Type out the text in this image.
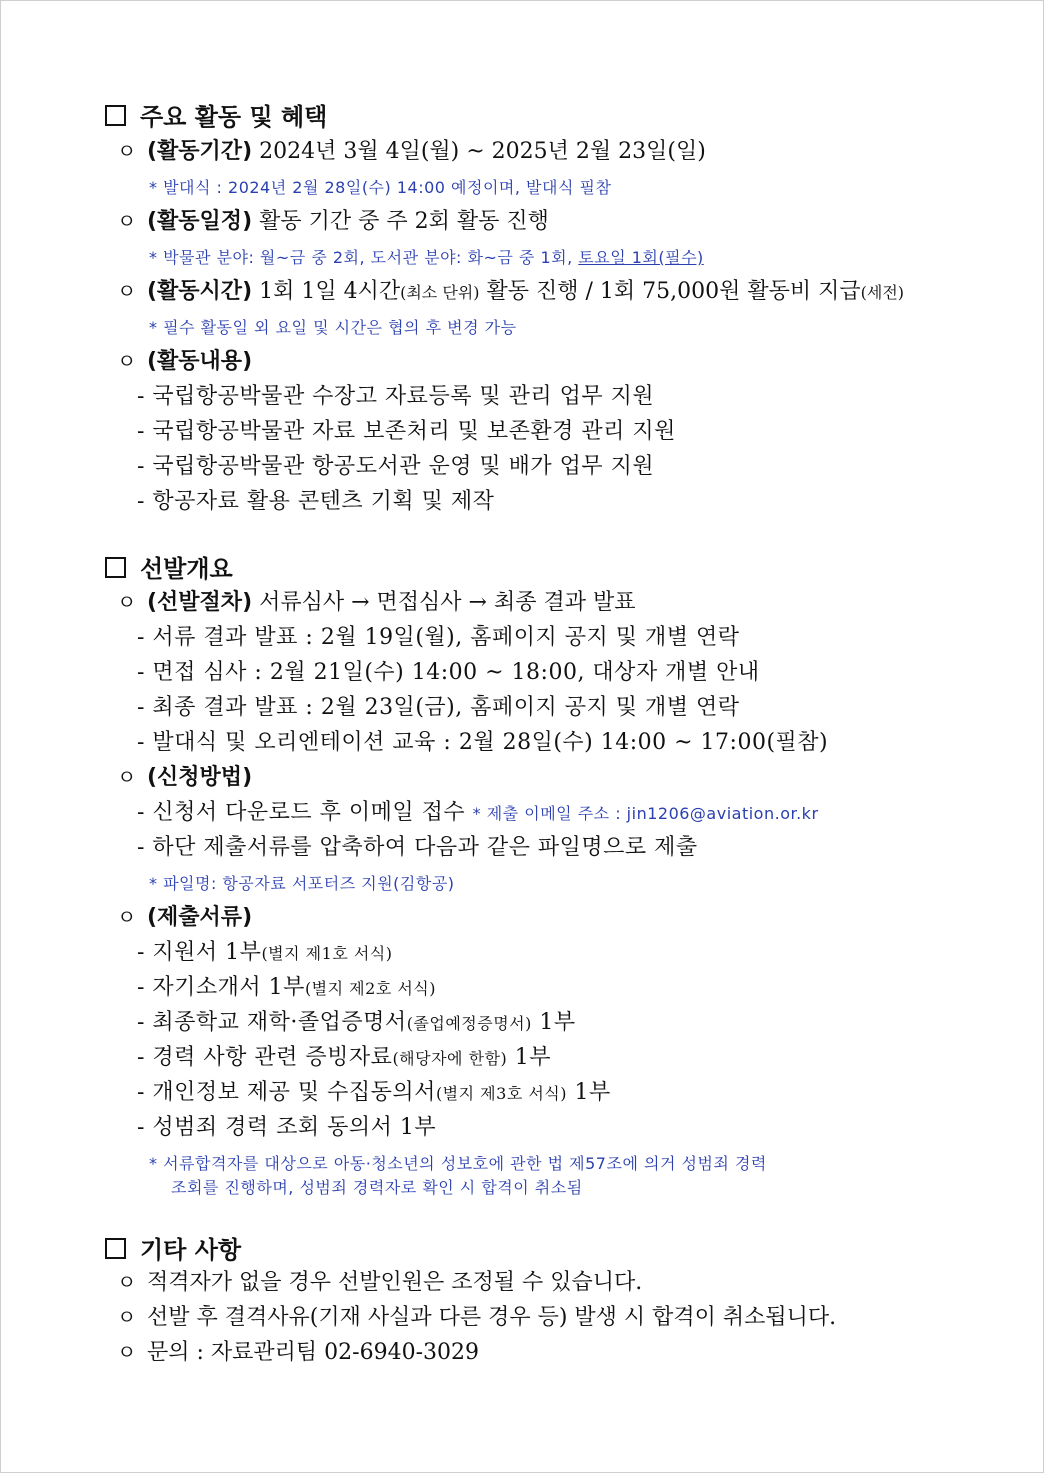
주요 활동 및 혜택
ㅇ (활동기간) 2024년 3월 4일(월) ~ 2025년 2월 23일(일)
* 발대식 : 2024년 2월 28일(수) 14:00 예정이며, 발대식 필참
ㅇ (활동일정) 활동 기간 중 주 2회 활동 진행
* 박물관 분야: 월~금 중 2회, 도서관 분야: 화~금 중 1회, 토요일 1회(필수)
ㅇ (활동시간) 1회 1일 4시간(최소 단위) 활동 진행 / 1회 75,000원 활동비 지급(세전)
* 필수 활동일 외 요일 및 시간은 협의 후 변경 가능
ㅇ (활동내용)
- 국립항공박물관 수장고 자료등록 및 관리 업무 지원
- 국립항공박물관 자료 보존처리 및 보존환경 관리 지원
- 국립항공박물관 항공도서관 운영 및 배가 업무 지원
- 항공자료 활용 콘텐츠 기획 및 제작
선발개요
ㅇ (선발절차) 서류심사 → 면접심사 → 최종 결과 발표
- 서류 결과 발표 : 2월 19일(월), 홈페이지 공지 및 개별 연락
- 면접 심사 : 2월 21일(수) 14:00 ~ 18:00, 대상자 개별 안내
- 최종 결과 발표 : 2월 23일(금), 홈페이지 공지 및 개별 연락
- 발대식 및 오리엔테이션 교육 : 2월 28일(수) 14:00 ~ 17:00(필참)
ㅇ (신청방법)
- 신청서 다운로드 후 이메일 접수 * 제출 이메일 주소 : jin1206@aviation.or.kr
- 하단 제출서류를 압축하여 다음과 같은 파일명으로 제출
* 파일명: 항공자료 서포터즈 지원(김항공)
ㅇ (제출서류)
- 지원서 1부(별지 제1호 서식)
- 자기소개서 1부(별지 제2호 서식)
- 최종학교 재학·졸업증명서(졸업예정증명서) 1부
- 경력 사항 관련 증빙자료(해당자에 한함) 1부
- 개인정보 제공 및 수집동의서(별지 제3호 서식) 1부
- 성범죄 경력 조회 동의서 1부
* 서류합격자를 대상으로 아동·청소년의 성보호에 관한 법 제57조에 의거 성범죄 경력
조회를 진행하며, 성범죄 경력자로 확인 시 합격이 취소됨
기타 사항
ㅇ 적격자가 없을 경우 선발인원은 조정될 수 있습니다.
ㅇ 선발 후 결격사유(기재 사실과 다른 경우 등) 발생 시 합격이 취소됩니다.
ㅇ 문의 : 자료관리팀 02-6940-3029
